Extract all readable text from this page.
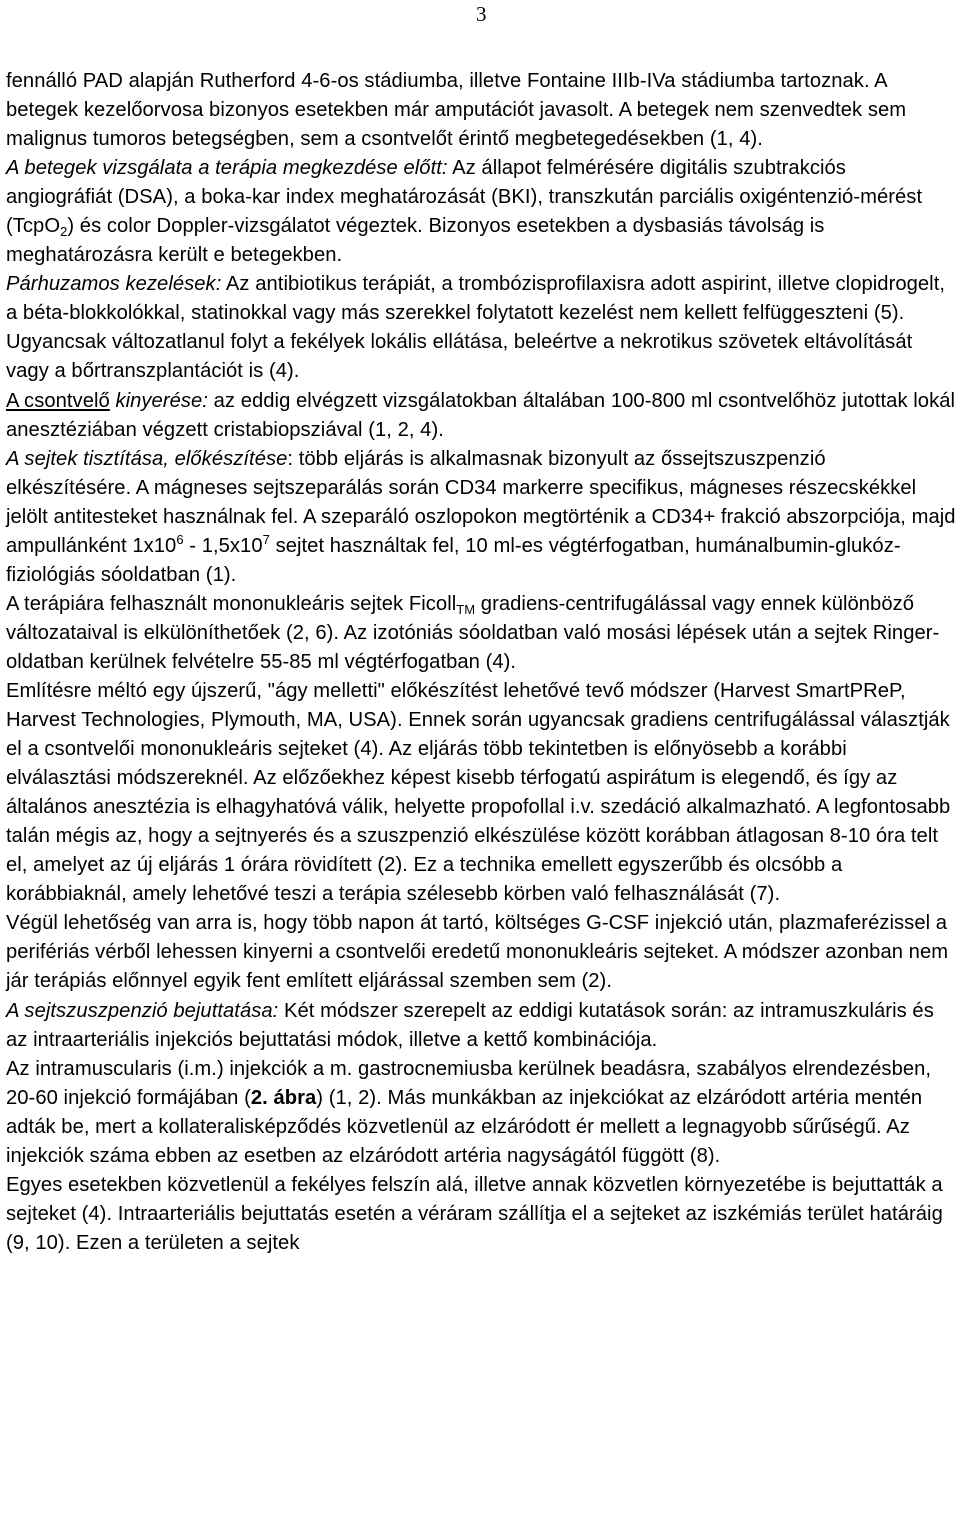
3

fennálló PAD alapján Rutherford 4-6-os stádiumba, illetve Fontaine IIIb-IVa stádiumba tartoznak. A betegek kezelőorvosa bizonyos esetekben már amputációt javasolt. A betegek nem szenvedtek sem malignus tumoros betegségben, sem a csontvelőt érintő megbetegedésekben (1, 4).

A betegek vizsgálata a terápia megkezdése előtt: Az állapot felmérésére digitális szubtrakciós angiográfiát (DSA), a boka-kar index meghatározását (BKI), transzkután parciális oxigéntenzió-mérést (TcpO$_2$) és color Doppler-vizsgálatot végeztek. Bizonyos esetekben a dysbasiás távolság is meghatározásra került e betegekben.

Párhuzamos kezelések: Az antibiotikus terápiát, a trombózisprofilaxisra adott aspirint, illetve clopidrogelt, a béta-blokkolókkal, statinokkal vagy más szerekkel folytatott kezelést nem kellett felfüggeszteni (5). Ugyancsak változatlanul folyt a fekélyek lokális ellátása, beleértve a nekrotikus szövetek eltávolítását vagy a bőrtranszplantációt is (4).

A csontvelő kinyerése: az eddig elvégzett vizsgálatokban általában 100-800 ml csontvelőhöz jutottak lokál anesztéziában végzett cristabiopsziával (1, 2, 4).

A sejtek tisztítása, előkészítése: több eljárás is alkalmasnak bizonyult az őssejtszuszpenzió elkészítésére. A mágneses sejtszeparálás során CD34 markerre specifikus, mágneses részecskékkel jelölt antitesteket használnak fel. A szeparáló oszlopokon megtörténik a CD34+ frakció abszorpciója, majd ampullánként $1x10^6 - 1,5x10^7$ sejtet használtak fel, 10 ml-es végtérfogatban, humánalbumin-glukóz-fiziológiás sóoldatban (1).

A terápiára felhasznált mononukleáris sejtek Ficoll$_{TM}$ gradiens-centrifugálással vagy ennek különböző változataival is elkülöníthetőek (2, 6). Az izotóniás sóoldatban való mosási lépések után a sejtek Ringer-oldatban kerülnek felvételre 55-85 ml végtérfogatban (4).

Említésre méltó egy újszerű, "ágy melletti" előkészítést lehetővé tevő módszer (Harvest SmartPReP, Harvest Technologies, Plymouth, MA, USA). Ennek során ugyancsak gradiens centrifugálással választják el a csontvelői mononukleáris sejteket (4). Az eljárás több tekintetben is előnyösebb a korábbi elválasztási módszereknél. Az előzőekhez képest kisebb térfogatú aspirátum is elegendő, és így az általános anesztézia is elhagyhatóvá válik, helyette propofollal i.v. szedáció alkalmazható. A legfontosabb talán mégis az, hogy a sejtnyerés és a szuszpenzió elkészülése között korábban átlagosan 8-10 óra telt el, amelyet az új eljárás 1 órára rövidített (2). Ez a technika emellett egyszerűbb és olcsóbb a korábbiaknál, amely lehetővé teszi a terápia szélesebb körben való felhasználását (7).

Végül lehetőség van arra is, hogy több napon át tartó, költséges G-CSF injekció után, plazmaferézissel a perifériás vérből lehessen kinyerni a csontvelői eredetű mononukleáris sejteket. A módszer azonban nem jár terápiás előnnyel egyik fent említett eljárással szemben sem (2).

A sejtszuszpenzió bejuttatása: Két módszer szerepelt az eddigi kutatások során: az intramuszkuláris és az intraarteriális injekciós bejuttatási módok, illetve a kettő kombinációja.

Az intramuscularis (i.m.) injekciók a m. gastrocnemiusba kerülnek beadásra, szabályos elrendezésben, 20-60 injekció formájában (2. ábra) (1, 2). Más munkákban az injekciókat az elzáródott artéria mentén adták be, mert a kollateralisképződés közvetlenül az elzáródott ér mellett a legnagyobb sűrűségű. Az injekciók száma ebben az esetben az elzáródott artéria nagyságától függött (8).

Egyes esetekben közvetlenül a fekélyes felszín alá, illetve annak közvetlen környezetébe is bejuttatták a sejteket (4). Intraarteriális bejuttatás esetén a véráram szállítja el a sejteket az iszkémiás terület határáig (9, 10). Ezen a területen a sejtek
